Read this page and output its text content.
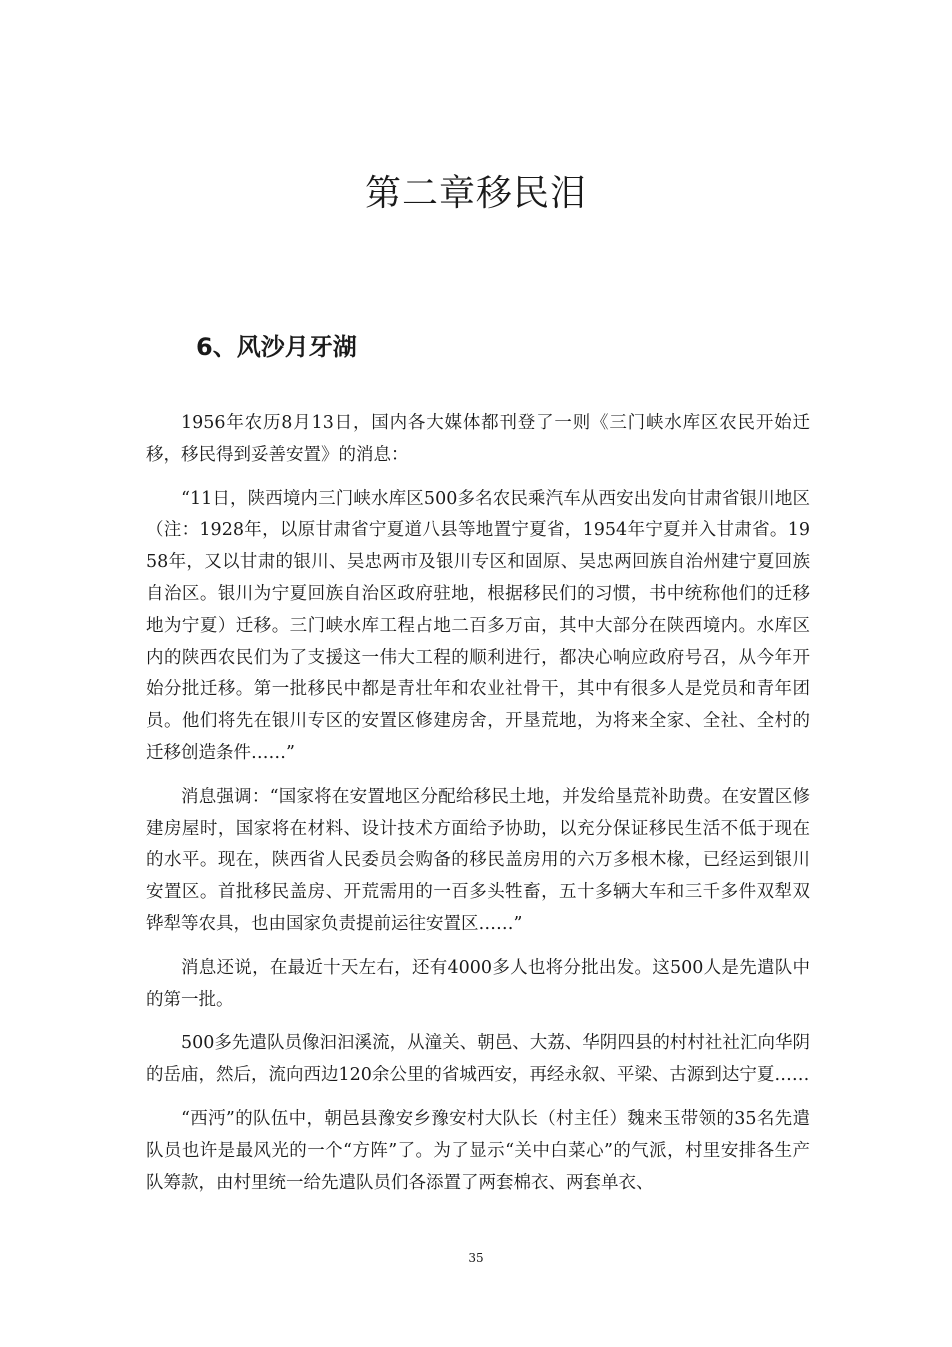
第二章移民泪
6、风沙月牙湖

1956年农历8月13日，国内各大媒体都刊登了一则《三门峡水库区农民开始迁移，移民得到妥善安置》的消息：

“11日，陕西境内三门峡水库区500多名农民乘汽车从西安出发向甘肃省银川地区（注：1928年，以原甘肃省宁夏道八县等地置宁夏省，1954年宁夏并入甘肃省。1958年，又以甘肃的银川、吴忠两市及银川专区和固原、吴忠两回族自治州建宁夏回族自治区。银川为宁夏回族自治区政府驻地，根据移民们的习惯，书中统称他们的迁移地为宁夏）迁移。三门峡水库工程占地二百多万亩，其中大部分在陕西境内。水库区内的陕西农民们为了支援这一伟大工程的顺利进行，都决心响应政府号召，从今年开始分批迁移。第一批移民中都是青壮年和农业社骨干，其中有很多人是党员和青年团员。他们将先在银川专区的安置区修建房舍，开垦荒地，为将来全家、全社、全村的迁移创造条件……”

消息强调：“国家将在安置地区分配给移民土地，并发给垦荒补助费。在安置区修建房屋时，国家将在材料、设计技术方面给予协助，以充分保证移民生活不低于现在的水平。现在，陕西省人民委员会购备的移民盖房用的六万多根木椽，已经运到银川安置区。首批移民盖房、开荒需用的一百多头牲畜，五十多辆大车和三千多件双犁双铧犁等农具，也由国家负责提前运往安置区……”

消息还说，在最近十天左右，还有4000多人也将分批出发。这500人是先遣队中的第一批。

500多先遣队员像汩汩溪流，从潼关、朝邑、大荔、华阴四县的村村社社汇向华阴的岳庙，然后，流向西边120余公里的省城西安，再经永叙、平梁、古源到达宁夏……

“西沔”的队伍中，朝邑县豫安乡豫安村大队长（村主任）魏来玉带领的35名先遣队员也许是最风光的一个“方阵”了。为了显示“关中白菜心”的气派，村里安排各生产队筹款，由村里统一给先遣队员们各添置了两套棉衣、两套单衣、

35
